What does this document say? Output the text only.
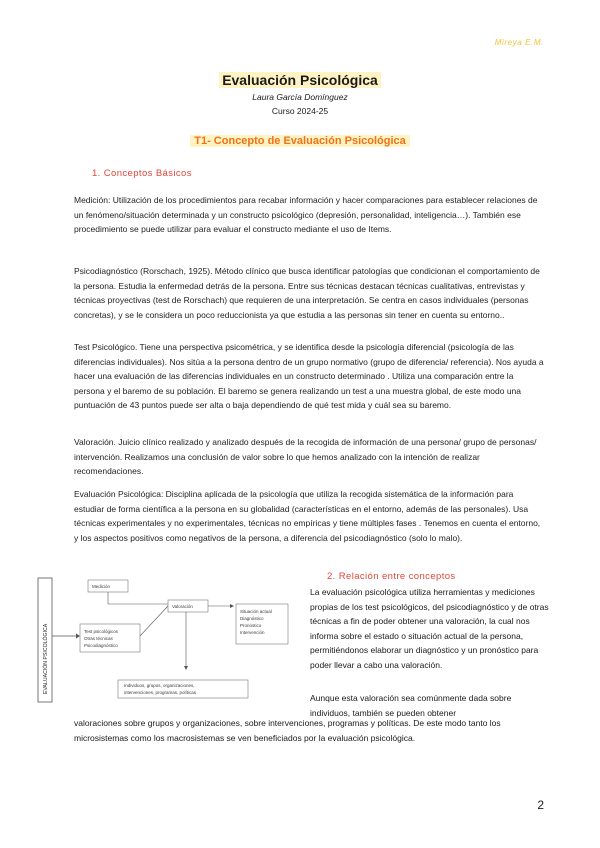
Mireya E.M.
Evaluación Psicológica
Laura García Domínguez
Curso 2024-25
T1- Concepto de Evaluación Psicológica
1. Conceptos Básicos

Medición: Utilización de los procedimientos para recabar información y hacer comparaciones para establecer relaciones de un fenómeno/situación determinada y un constructo psicológico (depresión, personalidad, inteligencia…). También ese procedimiento se puede utilizar para evaluar el constructo mediante el uso de Items.

Psicodiagnóstico (Rorschach, 1925). Método clínico que busca identificar patologías que condicionan el comportamiento de la persona. Estudia la enfermedad detrás de la persona. Entre sus técnicas destacan técnicas cualitativas, entrevistas y técnicas proyectivas (test de Rorschach) que requieren de una interpretación. Se centra en casos individuales (personas concretas), y se le considera un poco reduccionista ya que estudia a las personas sin tener en cuenta su entorno..

Test Psicológico. Tiene una perspectiva psicométrica, y se identifica desde la psicología diferencial (psicología de las diferencias individuales). Nos sitúa a la persona dentro de un grupo normativo (grupo de diferencia/ referencia). Nos ayuda a hacer una evaluación de las diferencias individuales en un constructo determinado . Utiliza una comparación entre la persona y el baremo de su población. El baremo se genera realizando un test a una muestra global, de este modo una puntuación de 43 puntos puede ser alta o baja dependiendo de qué test mida y cuál sea su baremo.

Valoración. Juicio clínico realizado y analizado después de la recogida de información de una persona/ grupo de personas/ intervención. Realizamos una conclusión de valor sobre lo que hemos analizado con la intención de realizar recomendaciones.

Evaluación Psicológica: Disciplina aplicada de la psicología que utiliza la recogida sistemática de la información para estudiar de forma científica a la persona en su globalidad (características en el entorno, además de las personales). Usa técnicas experimentales y no experimentales, técnicas no empíricas y tiene múltiples fases . Tenemos en cuenta el entorno, y los aspectos positivos como negativos de la persona, a diferencia del psicodiagnóstico (solo lo malo).

EVALUACIÓN PSICOLÓGICA
Medición
Test psicológicos
Otras técnicas
Psicodiagnóstico
Valoración
Situación actual
Diagnóstico
Pronóstico
Intervención
Individuos, grupos, organizaciones,
intervenciones, programas, políticas
2. Relación entre conceptos

La evaluación psicológica utiliza herramientas y mediciones propias de los test psicológicos, del psicodiagnóstico y de otras técnicas a fin de poder obtener una valoración, la cual nos informa sobre el estado o situación actual de la persona, permitiéndonos elaborar un diagnóstico y un pronóstico para poder llevar a cabo una valoración.

Aunque esta valoración sea comúnmente dada sobre individuos, también se pueden obtener

valoraciones sobre grupos y organizaciones, sobre intervenciones, programas y políticas. De este modo tanto los microsistemas como los macrosistemas se ven beneficiados por la evaluación psicológica.

2
